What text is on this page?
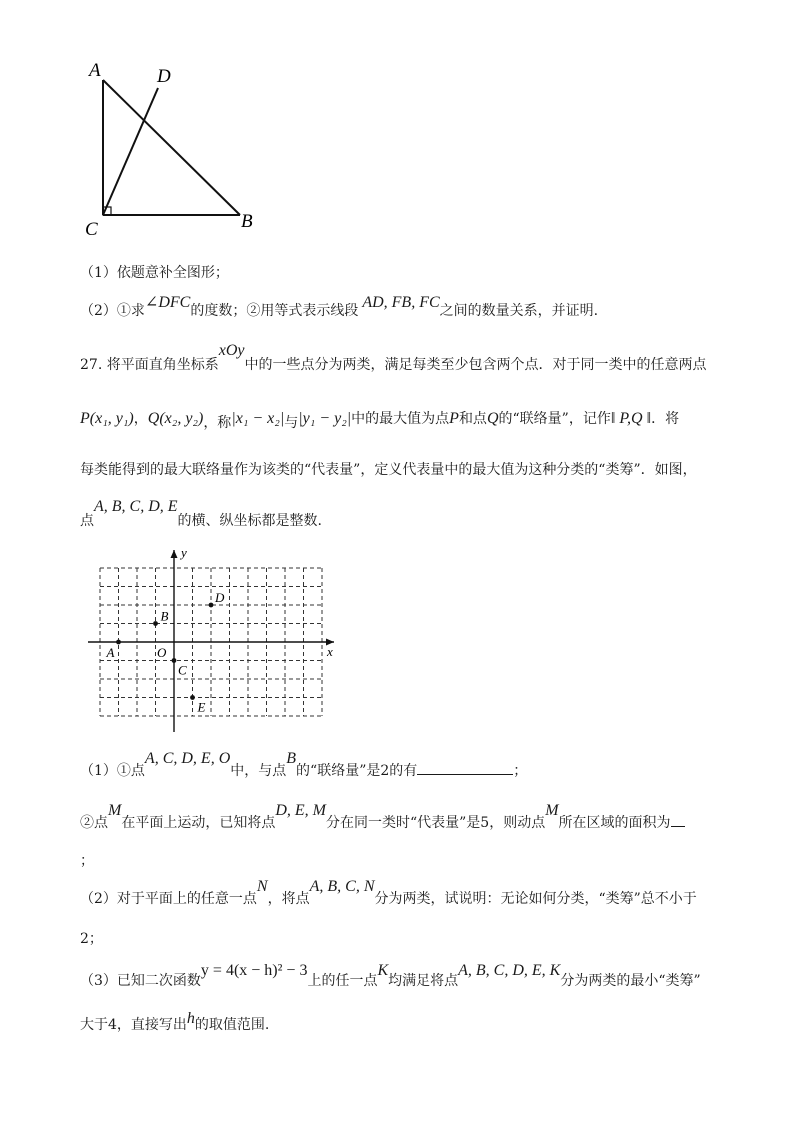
A	D
C	B
（1）依题意补全图形；
（2）①求∠DFC的度数；②用等式表示线段 AD, FB, FC之间的数量关系，并证明.
27. 将平面直角坐标系xOy中的一些点分为两类，满足每类至少包含两个点．对于同一类中的任意两点
P(x₁, y₁)，Q(x₂, y₂)，称|x₁ − x₂|与|y₁ − y₂|中的最大值为点P和点Q的“联络量”，记作‖ P,Q ‖．将
每类能得到的最大联络量作为该类的“代表量”，定义代表量中的最大值为这种分类的“类筹”．如图，
点A, B, C, D, E的横、纵坐标都是整数.
x
y
O
A
B
C
D
E
（1）①点A, C, D, E, O中，与点B的“联络量”是2的有	；
②点M在平面上运动，已知将点D, E, M分在同一类时“代表量”是5，则动点M所在区域的面积为
；
（2）对于平面上的任意一点N，将点A, B, C, N分为两类，试说明：无论如何分类，“类筹”总不小于
2；
（3）已知二次函数y = 4(x − h)² − 3上的任一点K均满足将点A, B, C, D, E, K分为两类的最小“类筹”
大于4，直接写出h的取值范围.
